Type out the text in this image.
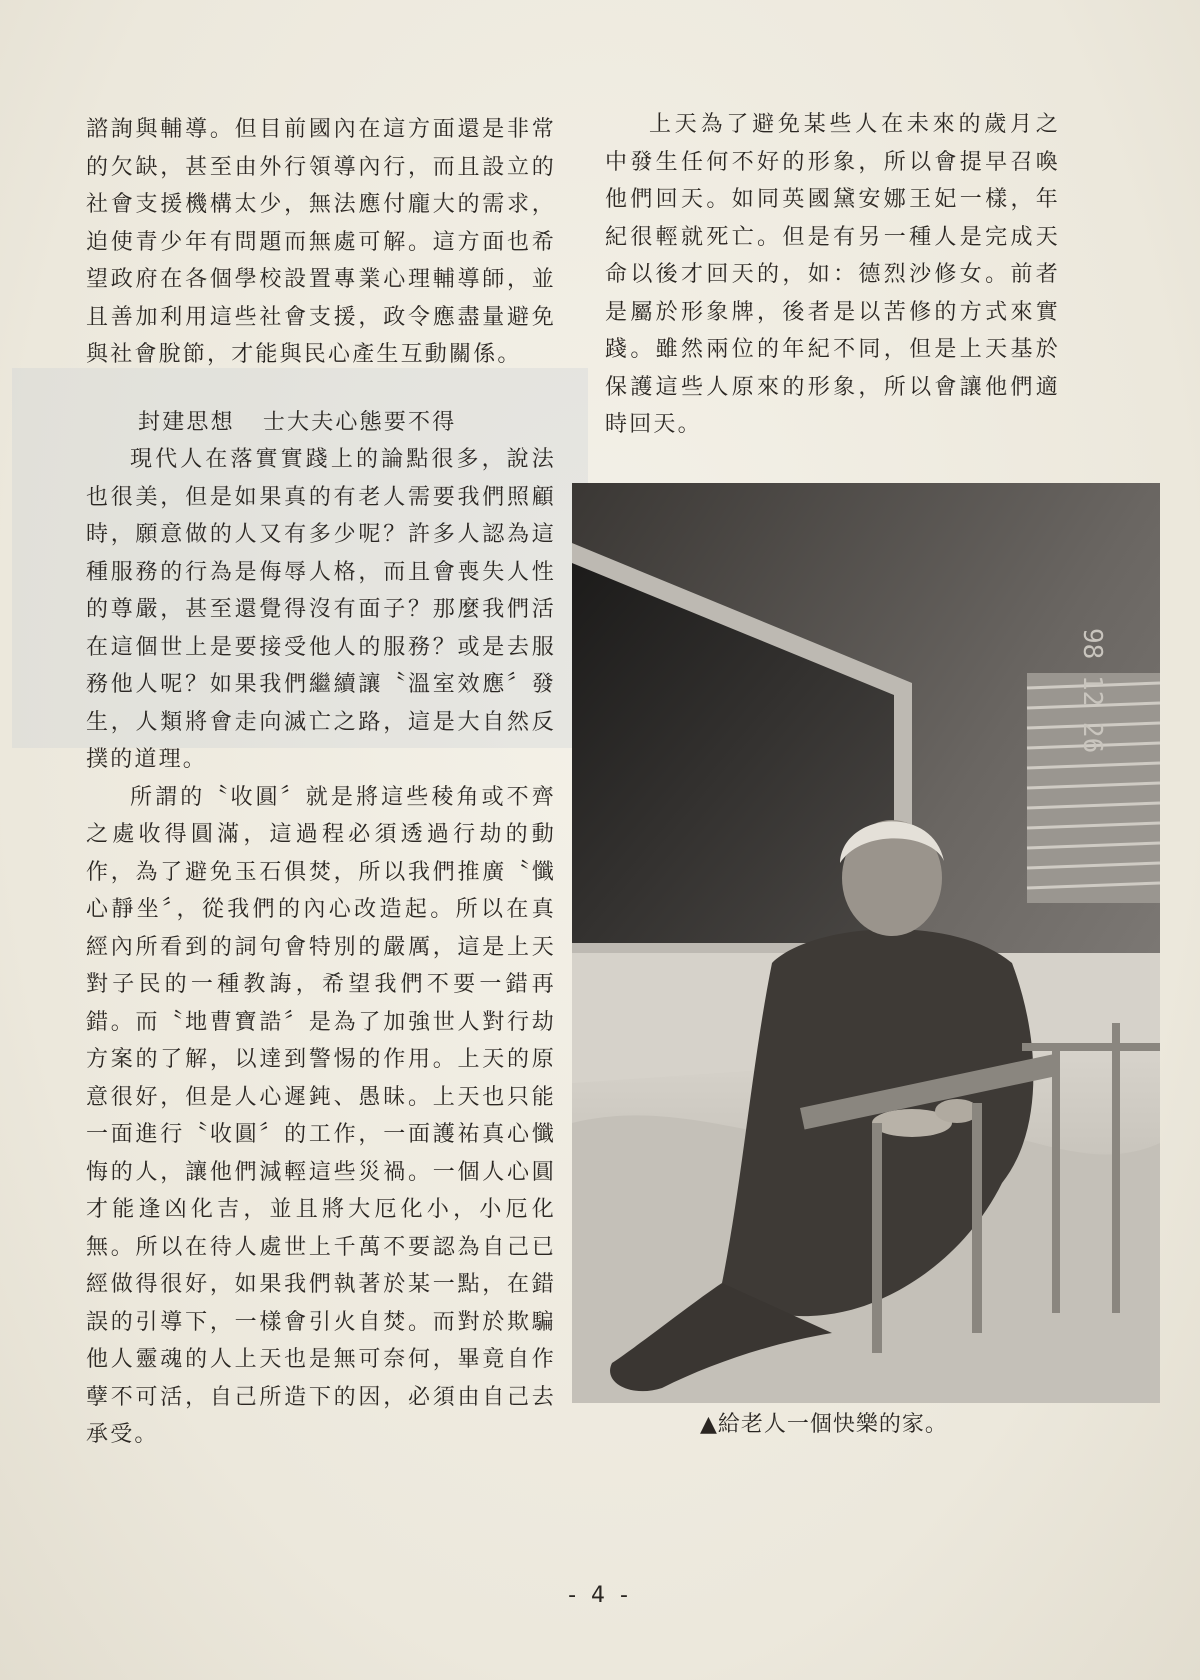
諮詢與輔導。但目前國內在這方面還是非常的欠缺，甚至由外行領導內行，而且設立的社會支援機構太少，無法應付龐大的需求，迫使青少年有問題而無處可解。這方面也希望政府在各個學校設置專業心理輔導師，並且善加利用這些社會支援，政令應盡量避免與社會脫節，才能與民心產生互動關係。

封建思想 士大夫心態要不得

現代人在落實實踐上的論點很多，說法也很美，但是如果真的有老人需要我們照顧時，願意做的人又有多少呢？許多人認為這種服務的行為是侮辱人格，而且會喪失人性的尊嚴，甚至還覺得沒有面子？那麼我們活在這個世上是要接受他人的服務？或是去服務他人呢？如果我們繼續讓〝溫室效應〞發生，人類將會走向滅亡之路，這是大自然反撲的道理。

所謂的〝收圓〞就是將這些稜角或不齊之處收得圓滿，這過程必須透過行劫的動作，為了避免玉石俱焚，所以我們推廣〝懺心靜坐〞，從我們的內心改造起。所以在真經內所看到的詞句會特別的嚴厲，這是上天對子民的一種教誨，希望我們不要一錯再錯。而〝地曹寶誥〞是為了加強世人對行劫方案的了解，以達到警惕的作用。上天的原意很好，但是人心遲鈍、愚昧。上天也只能一面進行〝收圓〞的工作，一面護祐真心懺悔的人，讓他們減輕這些災禍。一個人心圓才能逢凶化吉，並且將大厄化小，小厄化無。所以在待人處世上千萬不要認為自己已經做得很好，如果我們執著於某一點，在錯誤的引導下，一樣會引火自焚。而對於欺騙他人靈魂的人上天也是無可奈何，畢竟自作孽不可活，自己所造下的因，必須由自己去承受。

上天為了避免某些人在未來的歲月之中發生任何不好的形象，所以會提早召喚他們回天。如同英國黛安娜王妃一樣，年紀很輕就死亡。但是有另一種人是完成天命以後才回天的，如：德烈沙修女。前者是屬於形象牌，後者是以苦修的方式來實踐。雖然兩位的年紀不同，但是上天基於保護這些人原來的形象，所以會讓他們適時回天。

98 12 26
▲給老人一個快樂的家。
- 4 -
